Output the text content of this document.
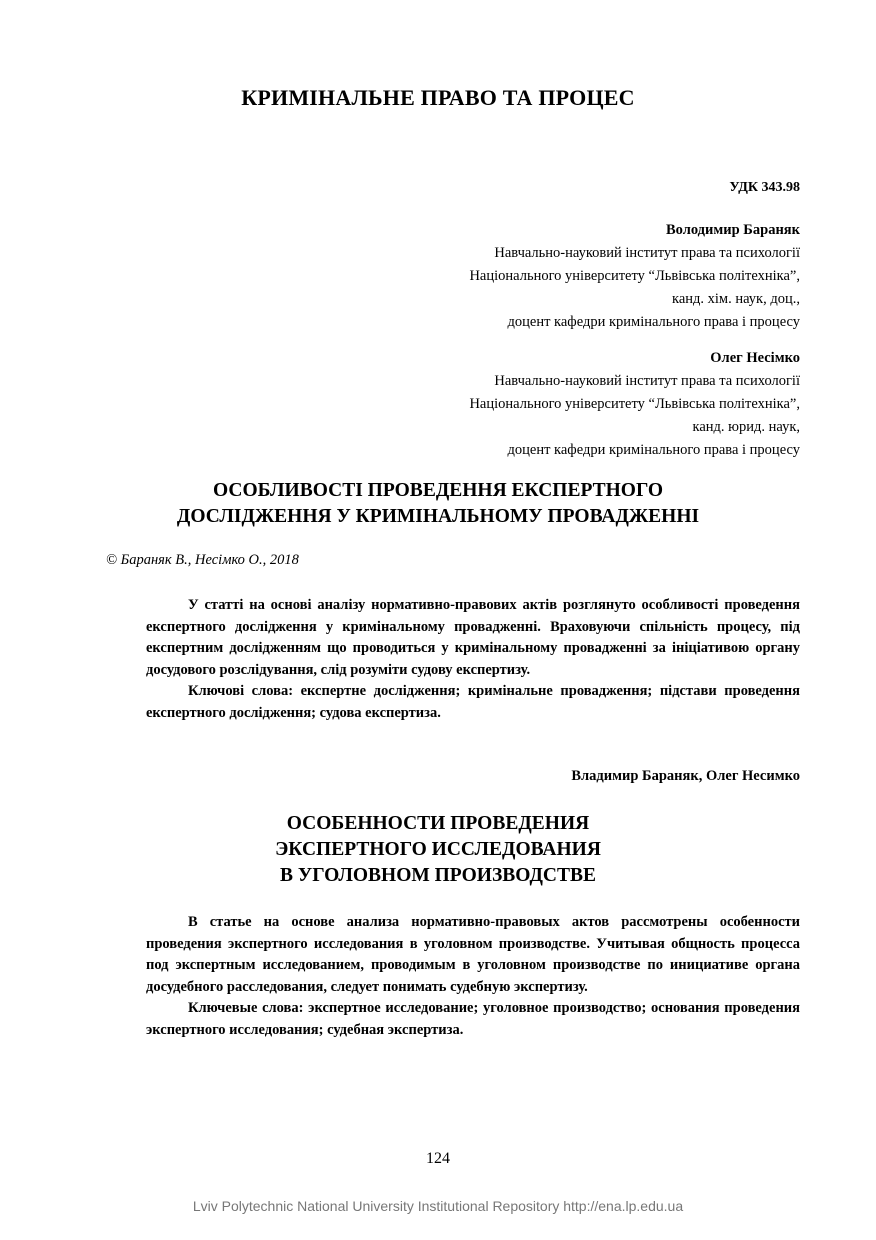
КРИМІНАЛЬНЕ ПРАВО ТА ПРОЦЕС
УДК 343.98
Володимир Бараняк
Навчально-науковий інститут права та психології
Національного університету “Львівська політехніка”,
канд. хім. наук, доц.,
доцент кафедри кримінального права і процесу
Олег Несімко
Навчально-науковий інститут права та психології
Національного університету “Львівська політехніка”,
канд. юрид. наук,
доцент кафедри кримінального права і процесу
ОСОБЛИВОСТІ ПРОВЕДЕННЯ ЕКСПЕРТНОГО
ДОСЛІДЖЕННЯ У КРИМІНАЛЬНОМУ ПРОВАДЖЕННІ
© Бараняк В., Несімко О., 2018

У статті на основі аналізу нормативно-правових актів розглянуто особливості проведення експертного дослідження у кримінальному провадженні. Враховуючи спільність процесу, під експертним дослідженням що проводиться у кримінальному провадженні за ініціативою органу досудового розслідування, слід розуміти судову експертизу.

Ключові слова: експертне дослідження; кримінальне провадження; підстави проведення експертного дослідження; судова експертиза.

Владимир Бараняк, Олег Несимко
ОСОБЕННОСТИ ПРОВЕДЕНИЯ
ЭКСПЕРТНОГО ИССЛЕДОВАНИЯ
В УГОЛОВНОМ ПРОИЗВОДСТВЕ

В статье на основе анализа нормативно-правовых актов рассмотрены особенности проведения экспертного исследования в уголовном производстве. Учитывая общность процесса под экспертным исследованием, проводимым в уголовном производстве по инициативе органа досудебного расследования, следует понимать судебную экспертизу.

Ключевые слова: экспертное исследование; уголовное производство; основания проведения экспертного исследования; судебная экспертиза.

124
Lviv Polytechnic National University Institutional Repository http://ena.lp.edu.ua
